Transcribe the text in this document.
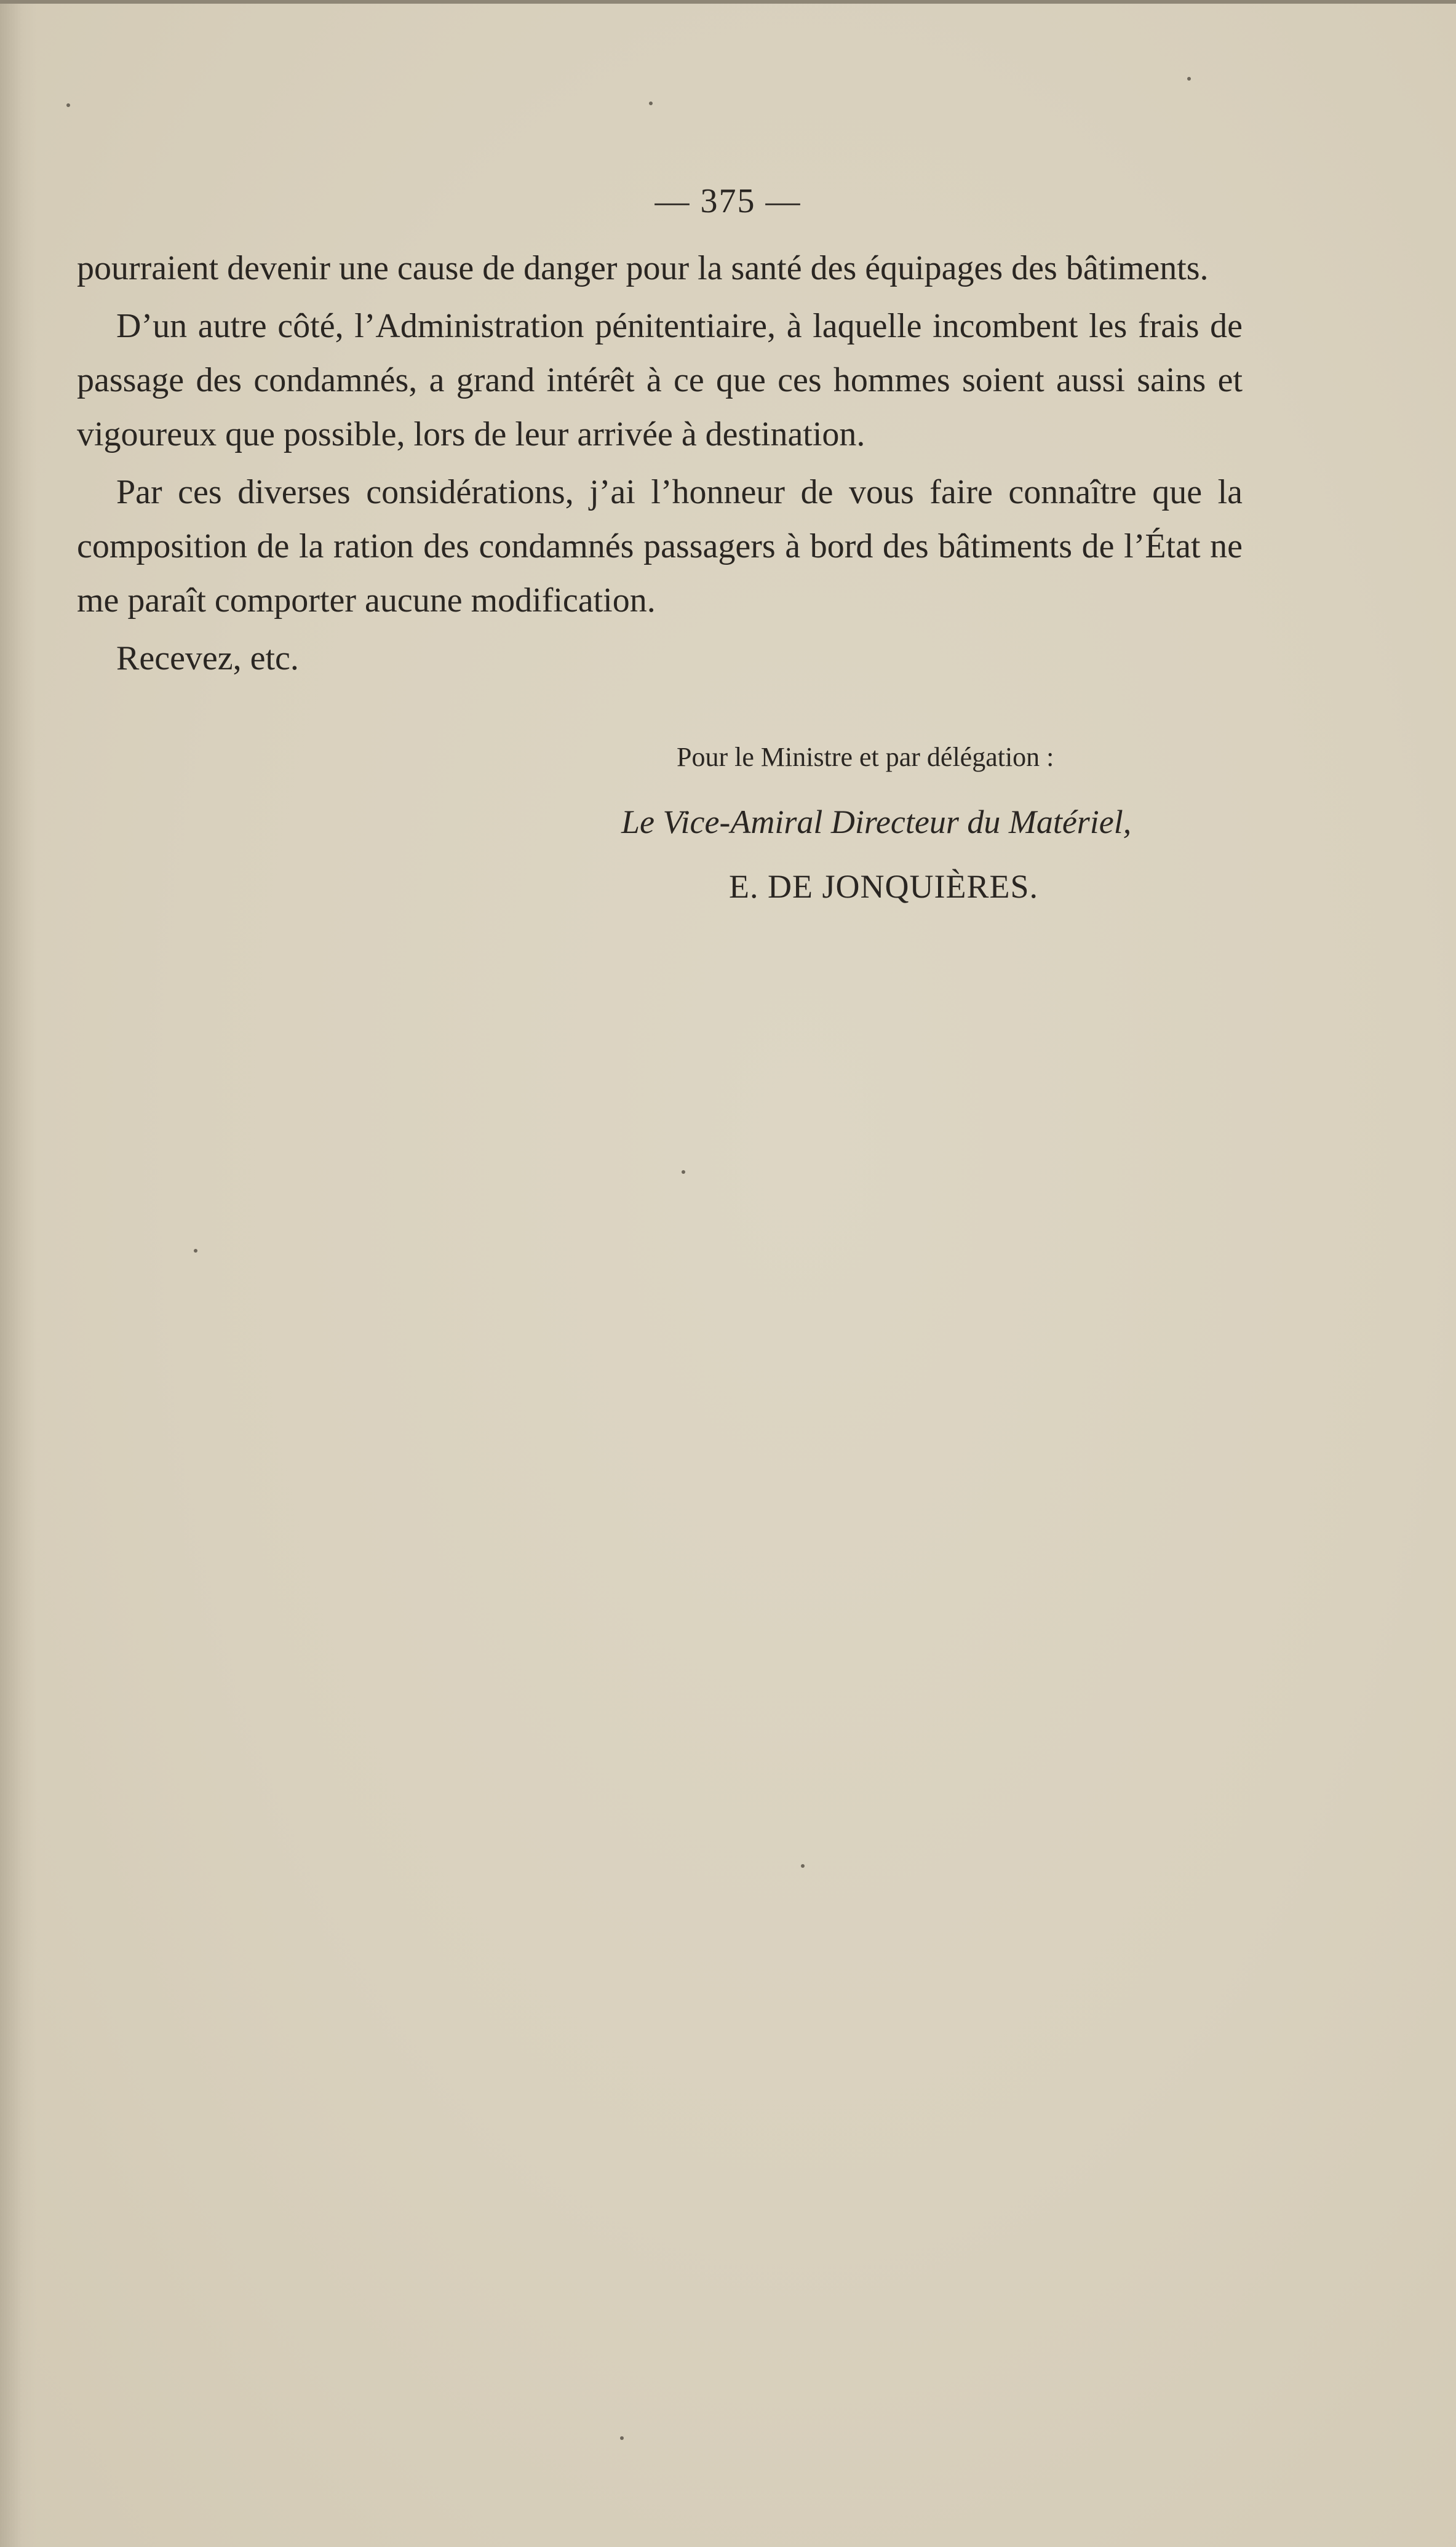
— 375 —

pourraient devenir une cause de danger pour la santé des équipages des bâtiments.

D’un autre côté, l’Administration pénitentiaire, à laquelle incombent les frais de passage des condamnés, a grand intérêt à ce que ces hommes soient aussi sains et vigoureux que possible, lors de leur arrivée à destination.

Par ces diverses considérations, j’ai l’honneur de vous faire connaître que la composition de la ration des condamnés passagers à bord des bâtiments de l’État ne me paraît comporter aucune modification.

Recevez, etc.

Pour le Ministre et par délégation :
Le Vice-Amiral Directeur du Matériel,
E. DE JONQUIÈRES.
